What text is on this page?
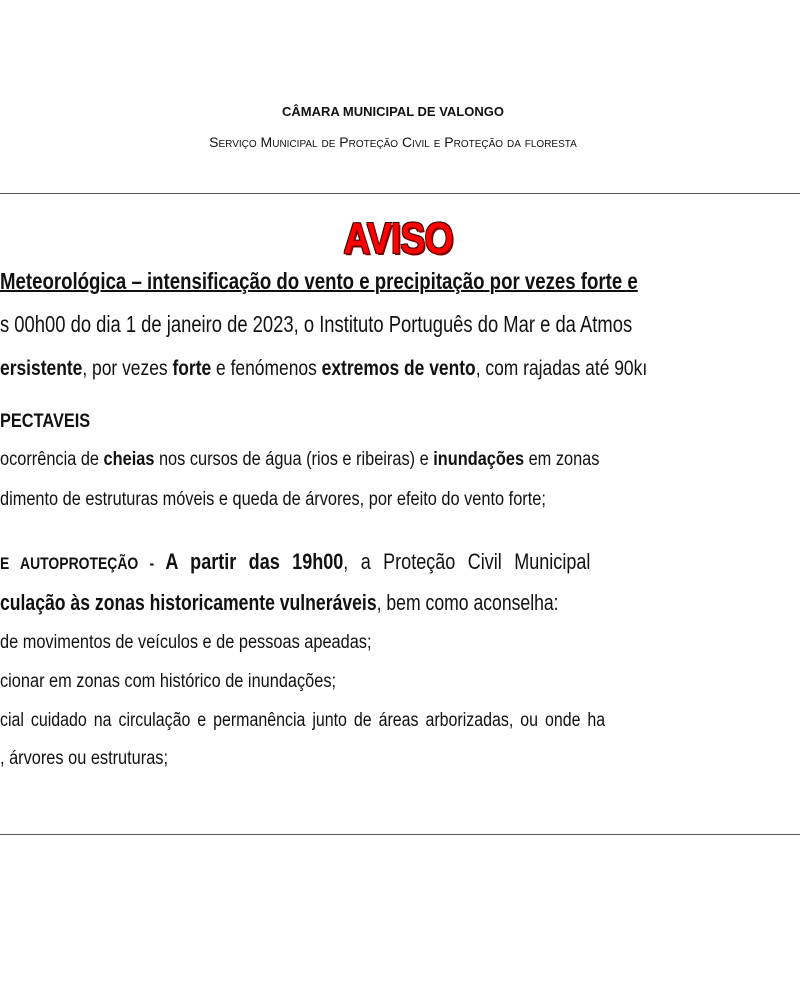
CÂMARA MUNICIPAL DE VALONGO
Serviço Municipal de Proteção Civil e Proteção da floresta
AVISO
Meteorológica – intensificação do vento e precipitação por vezes forte e
s 00h00 do dia 1 de janeiro de 2023, o Instituto Português do Mar e da Atmos
ersistente, por vezes forte e fenómenos extremos de vento, com rajadas até 90kı
PECTAVEIS
ocorrência de cheias nos cursos de água (rios e ribeiras) e inundações em zonas
dimento de estruturas móveis e queda de árvores, por efeito do vento forte;
E AUTOPROTEÇÃO - A partir das 19h00, a Proteção Civil Municipal
culação às zonas historicamente vulneráveis, bem como aconselha:
de movimentos de veículos e de pessoas apeadas;
cionar em zonas com histórico de inundações;
cial cuidado na circulação e permanência junto de áreas arborizadas, ou onde ha
, árvores ou estruturas;
